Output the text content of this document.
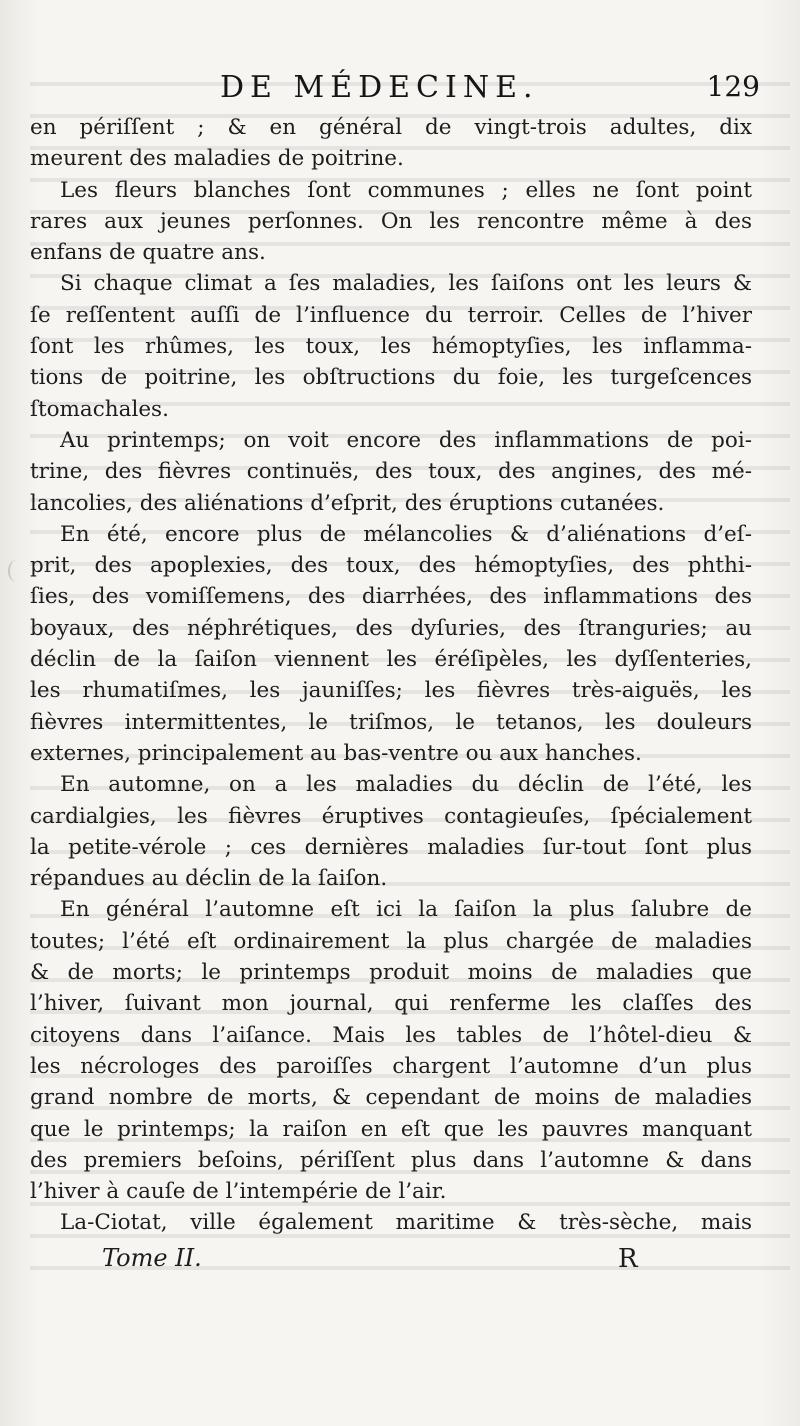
DE MÉDECINE.	129

en périſſent ; & en général de vingt-trois adultes, dix
meurent des maladies de poitrine.

Les fleurs blanches ſont communes ; elles ne ſont point
rares aux jeunes perſonnes. On les rencontre même à des
enfans de quatre ans.

Si chaque climat a ſes maladies, les ſaiſons ont les leurs &
ſe reſſentent auſſi de l’influence du terroir. Celles de l’hiver
ſont les rhûmes, les toux, les hémoptyſies, les inflamma-
tions de poitrine, les obſtructions du foie, les turgeſcences
ſtomachales.

Au printemps; on voit encore des inflammations de poi-
trine, des fièvres continuës, des toux, des angines, des mé-
lancolies, des aliénations d’eſprit, des éruptions cutanées.

En été, encore plus de mélancolies & d’aliénations d’eſ-
prit, des apoplexies, des toux, des hémoptyſies, des phthi-
ſies, des vomiſſemens, des diarrhées, des inflammations des
boyaux, des néphrétiques, des dyſuries, des ſtranguries; au
déclin de la ſaiſon viennent les éréſipèles, les dyſſenteries,
les rhumatiſmes, les jauniſſes; les fièvres très-aiguës, les
fièvres intermittentes, le triſmos, le tetanos, les douleurs
externes, principalement au bas-ventre ou aux hanches.

En automne, on a les maladies du déclin de l’été, les
cardialgies, les fièvres éruptives contagieuſes, ſpécialement
la petite-vérole ; ces dernières maladies ſur-tout ſont plus
répandues au déclin de la ſaiſon.

En général l’automne eſt ici la ſaiſon la plus ſalubre de
toutes; l’été eſt ordinairement la plus chargée de maladies
& de morts; le printemps produit moins de maladies que
l’hiver, ſuivant mon journal, qui renferme les claſſes des
citoyens dans l’aiſance. Mais les tables de l’hôtel-dieu &
les nécrologes des paroiſſes chargent l’automne d’un plus
grand nombre de morts, & cependant de moins de maladies
que le printemps; la raiſon en eſt que les pauvres manquant
des premiers beſoins, périſſent plus dans l’automne & dans
l’hiver à cauſe de l’intempérie de l’air.

La-Ciotat, ville également maritime & très-sèche, mais

Tome II.	R
